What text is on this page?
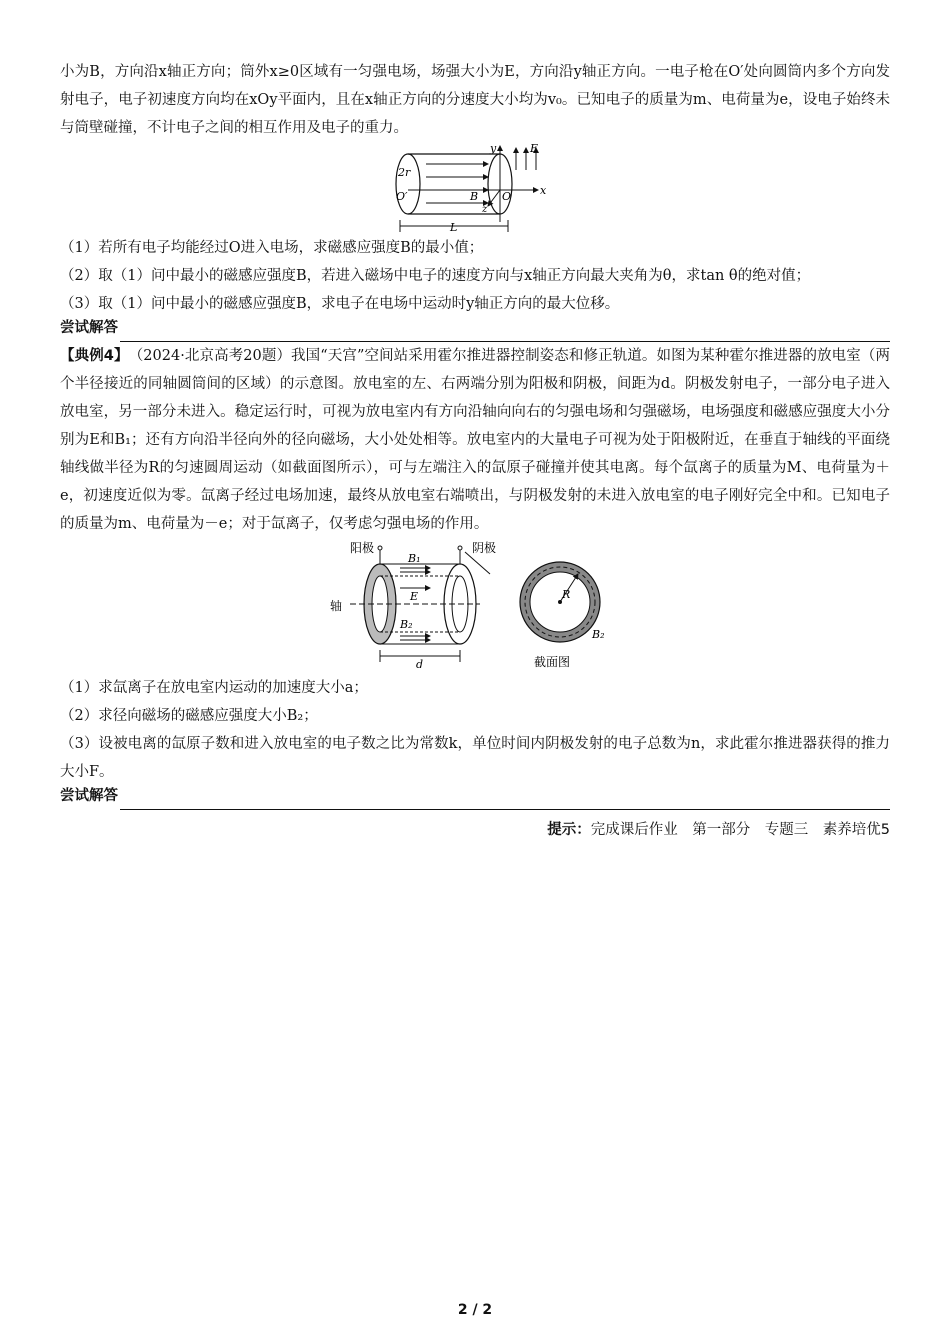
小为B，方向沿x轴正方向；筒外x≥0区域有一匀强电场，场强大小为E，方向沿y轴正方向。一电子枪在O′处向圆筒内多个方向发射电子，电子初速度方向均在xOy平面内，且在x轴正方向的分速度大小均为v₀。已知电子的质量为m、电荷量为e，设电子始终未与筒壁碰撞，不计电子之间的相互作用及电子的重力。

y	E
2r
O′	B O	x
z
L

（1）若所有电子均能经过O进入电场，求磁感应强度B的最小值；

（2）取（1）问中最小的磁感应强度B，若进入磁场中电子的速度方向与x轴正方向最大夹角为θ，求tan θ的绝对值；

（3）取（1）问中最小的磁感应强度B，求电子在电场中运动时y轴正方向的最大位移。

尝试解答

【典例4】　（2024·北京高考20题）我国“天宫”空间站采用霍尔推进器控制姿态和修正轨道。如图为某种霍尔推进器的放电室（两个半径接近的同轴圆筒间的区域）的示意图。放电室的左、右两端分别为阳极和阴极，间距为d。阴极发射电子，一部分电子进入放电室，另一部分未进入。稳定运行时，可视为放电室内有方向沿轴向向右的匀强电场和匀强磁场，电场强度和磁感应强度大小分别为E和B₁；还有方向沿半径向外的径向磁场，大小处处相等。放电室内的大量电子可视为处于阳极附近，在垂直于轴线的平面绕轴线做半径为R的匀速圆周运动（如截面图所示），可与左端注入的氙原子碰撞并使其电离。每个氙离子的质量为M、电荷量为＋e，初速度近似为零。氙离子经过电场加速，最终从放电室右端喷出，与阴极发射的未进入放电室的电子刚好完全中和。已知电子的质量为m、电荷量为－e；对于氙离子，仅考虑匀强电场的作用。

阳极	阴极
轴
B₁
E
B₂
d
R
B₂
截面图

（1）求氙离子在放电室内运动的加速度大小a；

（2）求径向磁场的磁感应强度大小B₂；

（3）设被电离的氙原子数和进入放电室的电子数之比为常数k，单位时间内阴极发射的电子总数为n，求此霍尔推进器获得的推力大小F。

尝试解答
提示：完成课后作业　第一部分　专题三　素养培优5
2 / 2
